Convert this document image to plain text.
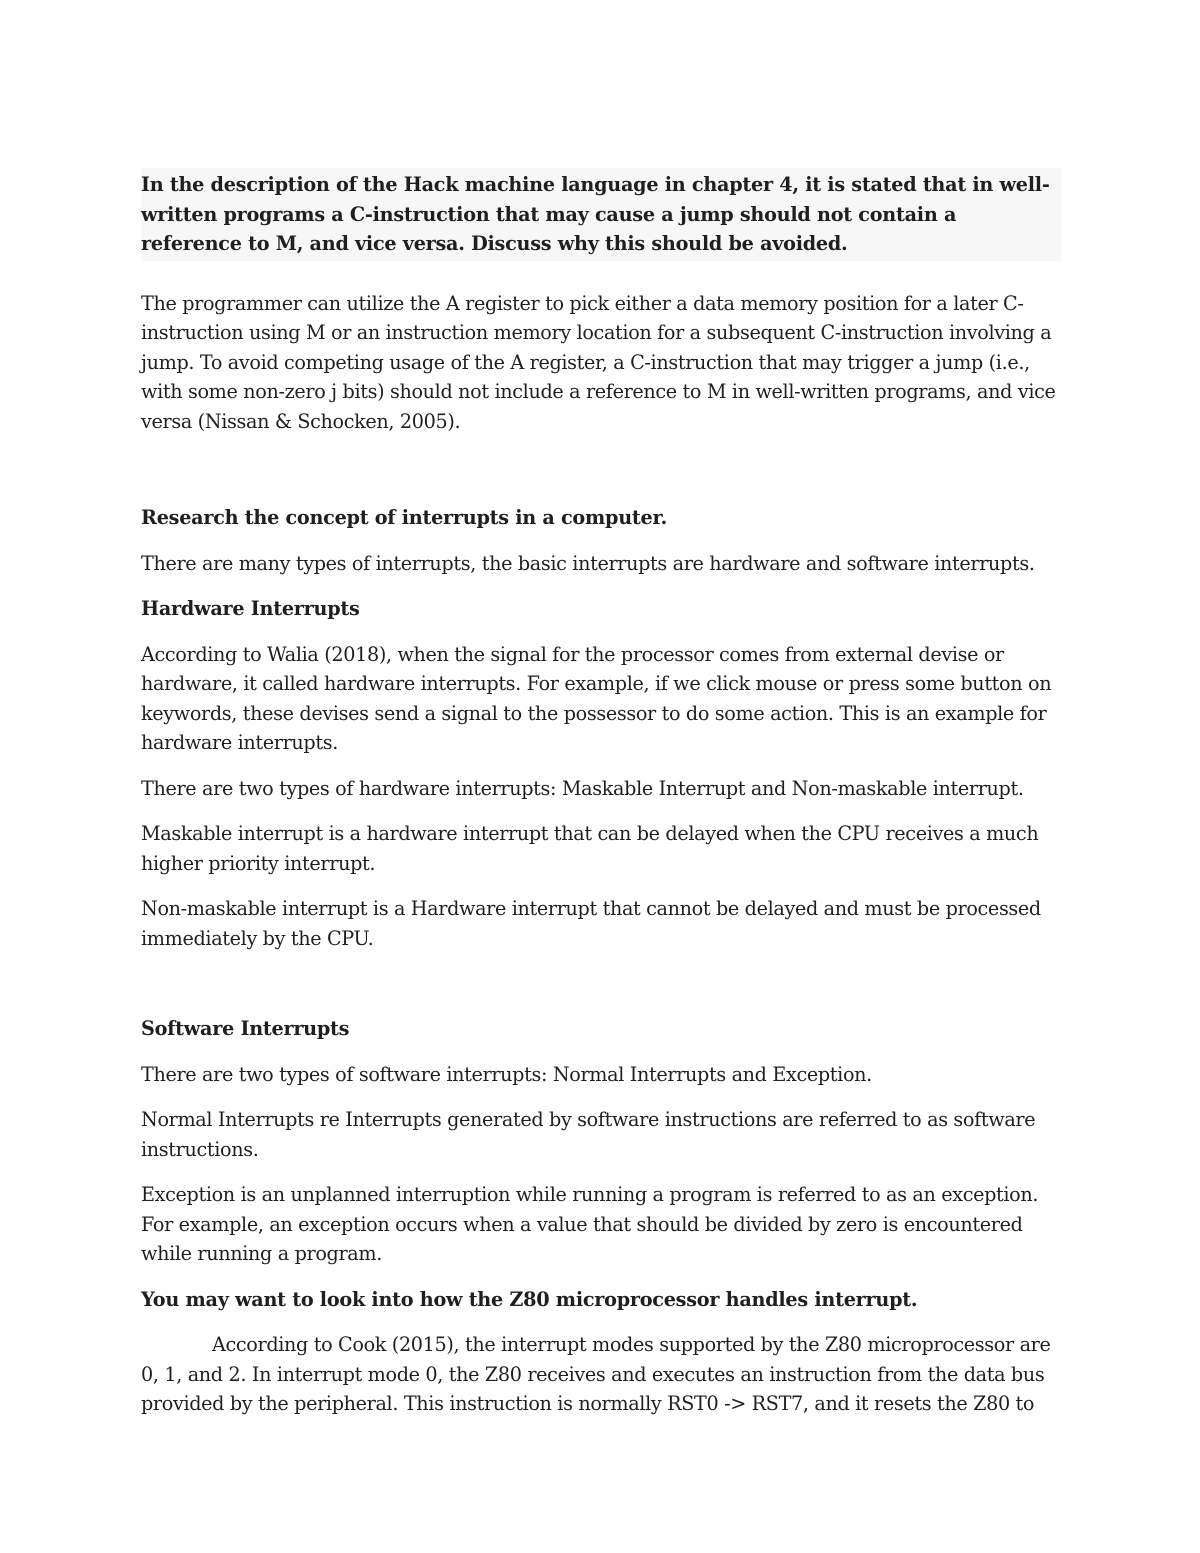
In the description of the Hack machine language in chapter 4, it is stated that in well-written programs a C-instruction that may cause a jump should not contain a reference to M, and vice versa. Discuss why this should be avoided.

The programmer can utilize the A register to pick either a data memory position for a later C-instruction using M or an instruction memory location for a subsequent C-instruction involving a jump. To avoid competing usage of the A register, a C-instruction that may trigger a jump (i.e., with some non-zero j bits) should not include a reference to M in well-written programs, and vice versa (Nissan & Schocken, 2005).

Research the concept of interrupts in a computer.

There are many types of interrupts, the basic interrupts are hardware and software interrupts.

Hardware Interrupts

According to Walia (2018), when the signal for the processor comes from external devise or hardware, it called hardware interrupts. For example, if we click mouse or press some button on keywords, these devises send a signal to the possessor to do some action. This is an example for hardware interrupts.

There are two types of hardware interrupts: Maskable Interrupt and Non-maskable interrupt.

Maskable interrupt is a hardware interrupt that can be delayed when the CPU receives a much higher priority interrupt.

Non-maskable interrupt is a Hardware interrupt that cannot be delayed and must be processed immediately by the CPU.

Software Interrupts

There are two types of software interrupts: Normal Interrupts and Exception.

Normal Interrupts re Interrupts generated by software instructions are referred to as software instructions.

Exception is an unplanned interruption while running a program is referred to as an exception. For example, an exception occurs when a value that should be divided by zero is encountered while running a program.

You may want to look into how the Z80 microprocessor handles interrupt.

According to Cook (2015), the interrupt modes supported by the Z80 microprocessor are 0, 1, and 2. In interrupt mode 0, the Z80 receives and executes an instruction from the data bus provided by the peripheral. This instruction is normally RST0 -> RST7, and it resets the Z80 to
